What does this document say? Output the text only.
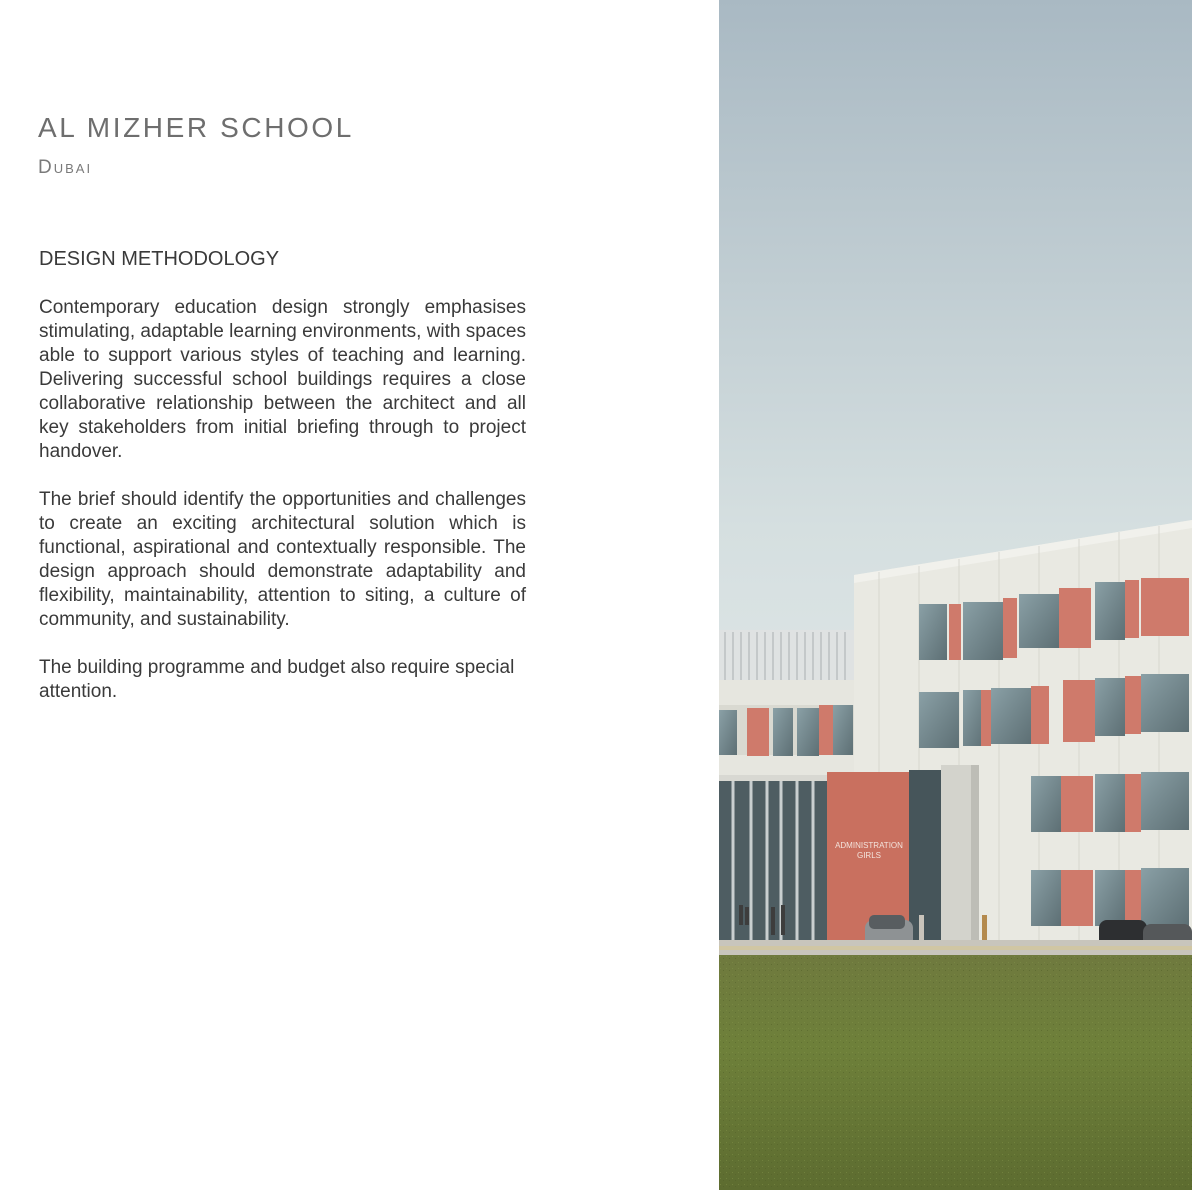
AL MIZHER SCHOOL
Dubai
DESIGN METHODOLOGY

Contemporary education design strongly emphasises stimulating, adaptable learning environments, with spaces able to support various styles of teaching and learning. Delivering successful school buildings requires a close collaborative relationship between the architect and all key stakeholders from initial briefing through to project handover.

The brief should identify the opportunities and challenges to create an exciting architectural solution which is functional, aspirational and contextually responsible. The design approach should demonstrate adaptability and flexibility, maintainability, attention to siting, a culture of community, and sustainability.

The building programme and budget also require special
attention.

ADMINISTRATION
GIRLS
